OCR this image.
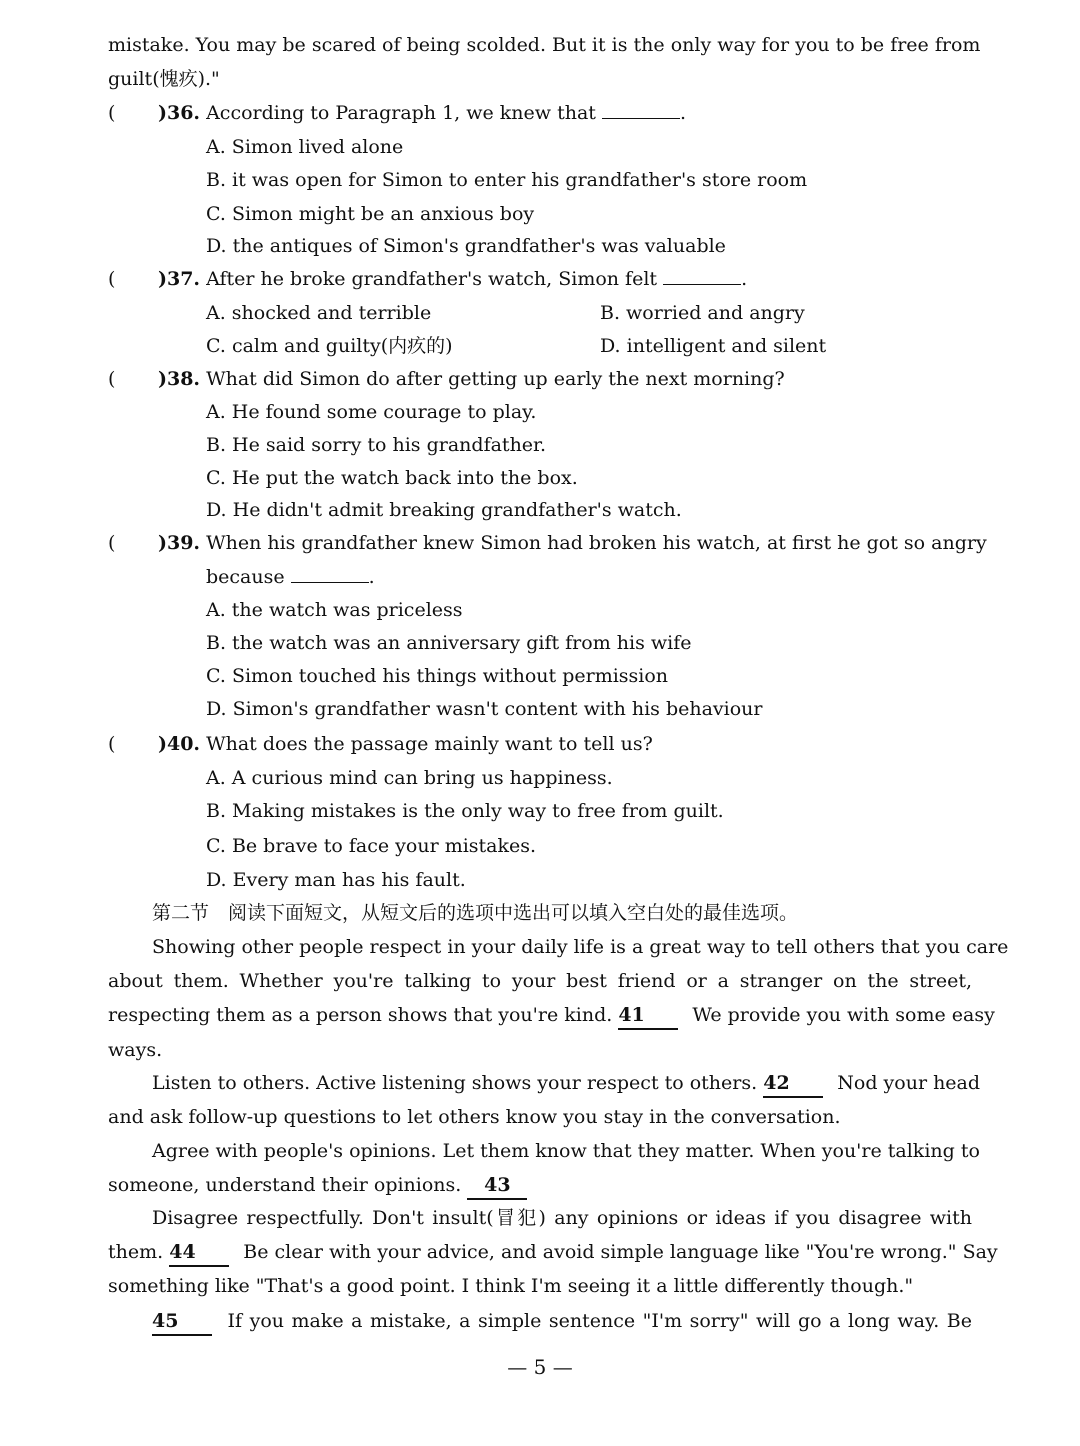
mistake. You may be scared of being scolded. But it is the only way for you to be free from
guilt(愧疚)."
( )36. According to Paragraph 1, we knew that	.
A. Simon lived alone
B. it was open for Simon to enter his grandfather's store room
C. Simon might be an anxious boy
D. the antiques of Simon's grandfather's was valuable
( )37. After he broke grandfather's watch, Simon felt	.
A. shocked and terrible	B. worried and angry
C. calm and guilty(内疚的)	D. intelligent and silent
( )38. What did Simon do after getting up early the next morning?
A. He found some courage to play.
B. He said sorry to his grandfather.
C. He put the watch back into the box.
D. He didn't admit breaking grandfather's watch.
( )39. When his grandfather knew Simon had broken his watch, at first he got so angry
because	.
A. the watch was priceless
B. the watch was an anniversary gift from his wife
C. Simon touched his things without permission
D. Simon's grandfather wasn't content with his behaviour
( )40. What does the passage mainly want to tell us?
A. A curious mind can bring us happiness.
B. Making mistakes is the only way to free from guilt.
C. Be brave to face your mistakes.
D. Every man has his fault.
第二节　阅读下面短文，从短文后的选项中选出可以填入空白处的最佳选项。
Showing other people respect in your daily life is a great way to tell others that you care
about them. Whether you're talking to your best friend or a stranger on the street,
respecting them as a person shows that you're kind. 41	We provide you with some easy
ways.
Listen to others. Active listening shows your respect to others. 42	Nod your head
and ask follow-up questions to let others know you stay in the conversation.
Agree with people's opinions. Let them know that they matter. When you're talking to
someone, understand their opinions. 43
Disagree respectfully. Don't insult(冒犯) any opinions or ideas if you disagree with
them. 44	Be clear with your advice, and avoid simple language like "You're wrong." Say
something like "That's a good point. I think I'm seeing it a little differently though."
45	If you make a mistake, a simple sentence "I'm sorry" will go a long way. Be
— 5 —
